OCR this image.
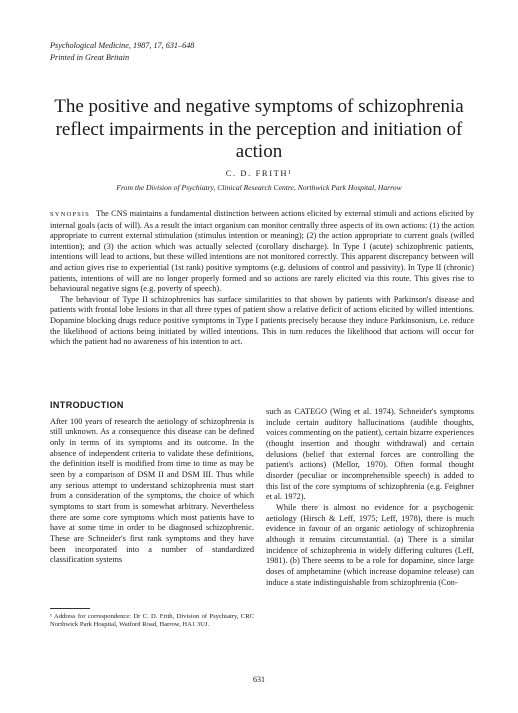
Psychological Medicine, 1987, 17, 631–648
Printed in Great Britain
The positive and negative symptoms of schizophrenia reflect impairments in the perception and initiation of action
C. D. FRITH¹
From the Division of Psychiatry, Clinical Research Centre, Northwick Park Hospital, Harrow

SYNOPSIS The CNS maintains a fundamental distinction between actions elicited by external stimuli and actions elicited by internal goals (acts of will). As a result the intact organism can monitor centrally three aspects of its own actions: (1) the action appropriate to current external stimulation (stimulus intention or meaning); (2) the action appropriate to current goals (willed intention); and (3) the action which was actually selected (corollary discharge). In Type I (acute) schizophrenic patients, intentions will lead to actions, but these willed intentions are not monitored correctly. This apparent discrepancy between will and action gives rise to experiential (1st rank) positive symptoms (e.g. delusions of control and passivity). In Type II (chronic) patients, intentions of will are no longer properly formed and so actions are rarely elicited via this route. This gives rise to behavioural negative signs (e.g. poverty of speech).

The behaviour of Type II schizophrenics has surface similarities to that shown by patients with Parkinson's disease and patients with frontal lobe lesions in that all three types of patient show a relative deficit of actions elicited by willed intentions. Dopamine blocking drugs reduce positive symptoms in Type I patients precisely because they induce Parkinsonism, i.e. reduce the likelihood of actions being initiated by willed intentions. This in turn reduces the likelihood that actions will occur for which the patient had no awareness of his intention to act.

INTRODUCTION

After 100 years of research the aetiology of schizophrenia is still unknown. As a consequence this disease can be defined only in terms of its symptoms and its outcome. In the absence of independent criteria to validate these definitions, the definition itself is modified from time to time as may be seen by a comparison of DSM II and DSM III. Thus while any serious attempt to understand schizophrenia must start from a consideration of the symptoms, the choice of which symptoms to start from is somewhat arbitrary. Nevertheless there are some core symptoms which most patients have to have at some time in order to be diagnosed schizophrenic. These are Schneider's first rank symptoms and they have been incorporated into a number of standardized classification systems

¹ Address for correspondence: Dr C. D. Frith, Division of Psychiatry, CRC Northwick Park Hospital, Watford Road, Harrow, HA1 3UJ.

such as CATEGO (Wing et al. 1974). Schneider's symptoms include certain auditory hallucinations (audible thoughts, voices commenting on the patient), certain bizarre experiences (thought insertion and thought withdrawal) and certain delusions (belief that external forces are controlling the patient's actions) (Mellor, 1970). Often formal thought disorder (peculiar or incomprehensible speech) is added to this list of the core symptoms of schizophrenia (e.g. Feighner et al. 1972).

While there is almost no evidence for a psychogenic aetiology (Hirsch & Leff, 1975; Leff, 1978), there is much evidence in favour of an organic aetiology of schizophrenia although it remains circumstantial. (a) There is a similar incidence of schizophrenia in widely differing cultures (Leff, 1981). (b) There seems to be a role for dopamine, since large doses of amphetamine (which increase dopamine release) can induce a state indistinguishable from schizophrenia (Con-

631
